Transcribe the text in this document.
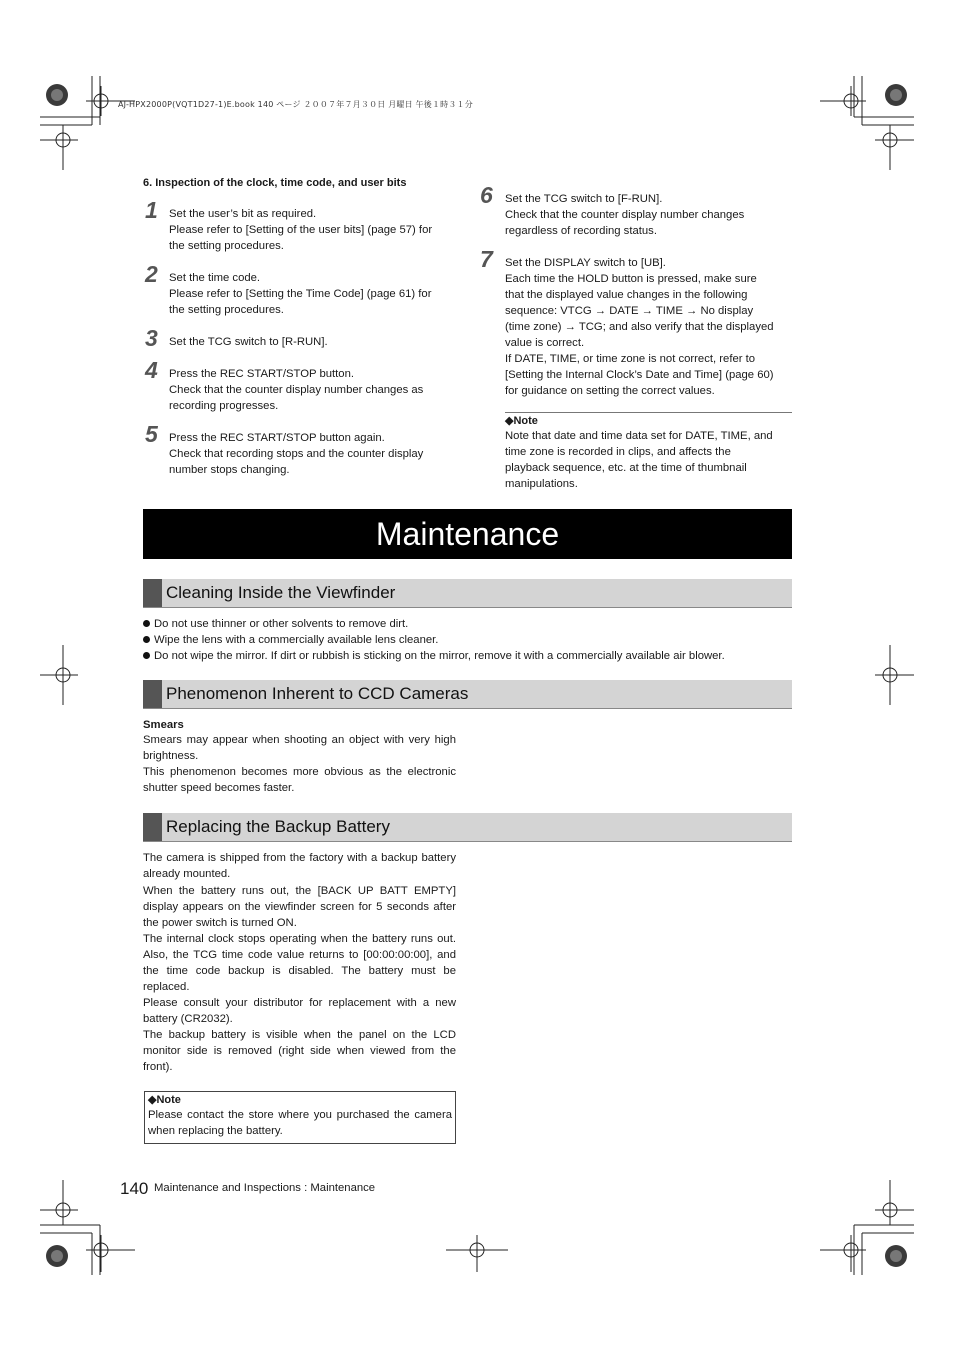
AJ-HPX2000P(VQT1D27-1)E.book 140 ページ ２００７年７月３０日 月曜日 午後１時３１分
6. Inspection of the clock, time code, and user bits
1 Set the user’s bit as required.
Please refer to [Setting of the user bits] (page 57) for
the setting procedures.
2 Set the time code.
Please refer to [Setting the Time Code] (page 61) for
the setting procedures.
3 Set the TCG switch to [R-RUN].
4 Press the REC START/STOP button.
Check that the counter display number changes as
recording progresses.
5 Press the REC START/STOP button again.
Check that recording stops and the counter display
number stops changing.
6 Set the TCG switch to [F-RUN].
Check that the counter display number changes
regardless of recording status.
7 Set the DISPLAY switch to [UB].
Each time the HOLD button is pressed, make sure
that the displayed value changes in the following
sequence: VTCG → DATE → TIME → No display
(time zone) → TCG; and also verify that the displayed
value is correct.
If DATE, TIME, or time zone is not correct, refer to
[Setting the Internal Clock’s Date and Time] (page 60)
for guidance on setting the correct values.
◆Note
Note that date and time data set for DATE, TIME, and
time zone is recorded in clips, and affects the
playback sequence, etc. at the time of thumbnail
manipulations.
Maintenance
Cleaning Inside the Viewfinder
Do not use thinner or other solvents to remove dirt.
Wipe the lens with a commercially available lens cleaner.
Do not wipe the mirror. If dirt or rubbish is sticking on the mirror, remove it with a commercially available air blower.
Phenomenon Inherent to CCD Cameras
Smears
Smears may appear when shooting an object with very high brightness.
This phenomenon becomes more obvious as the electronic shutter speed becomes faster.
Replacing the Backup Battery
The camera is shipped from the factory with a backup battery already mounted.
When the battery runs out, the [BACK UP BATT EMPTY] display appears on the viewfinder screen for 5 seconds after the power switch is turned ON.
The internal clock stops operating when the battery runs out. Also, the TCG time code value returns to [00:00:00:00], and the time code backup is disabled. The battery must be replaced.
Please consult your distributor for replacement with a new battery (CR2032).
The backup battery is visible when the panel on the LCD monitor side is removed (right side when viewed from the front).
◆Note
Please contact the store where you purchased the camera when replacing the battery.
140 Maintenance and Inspections : Maintenance
